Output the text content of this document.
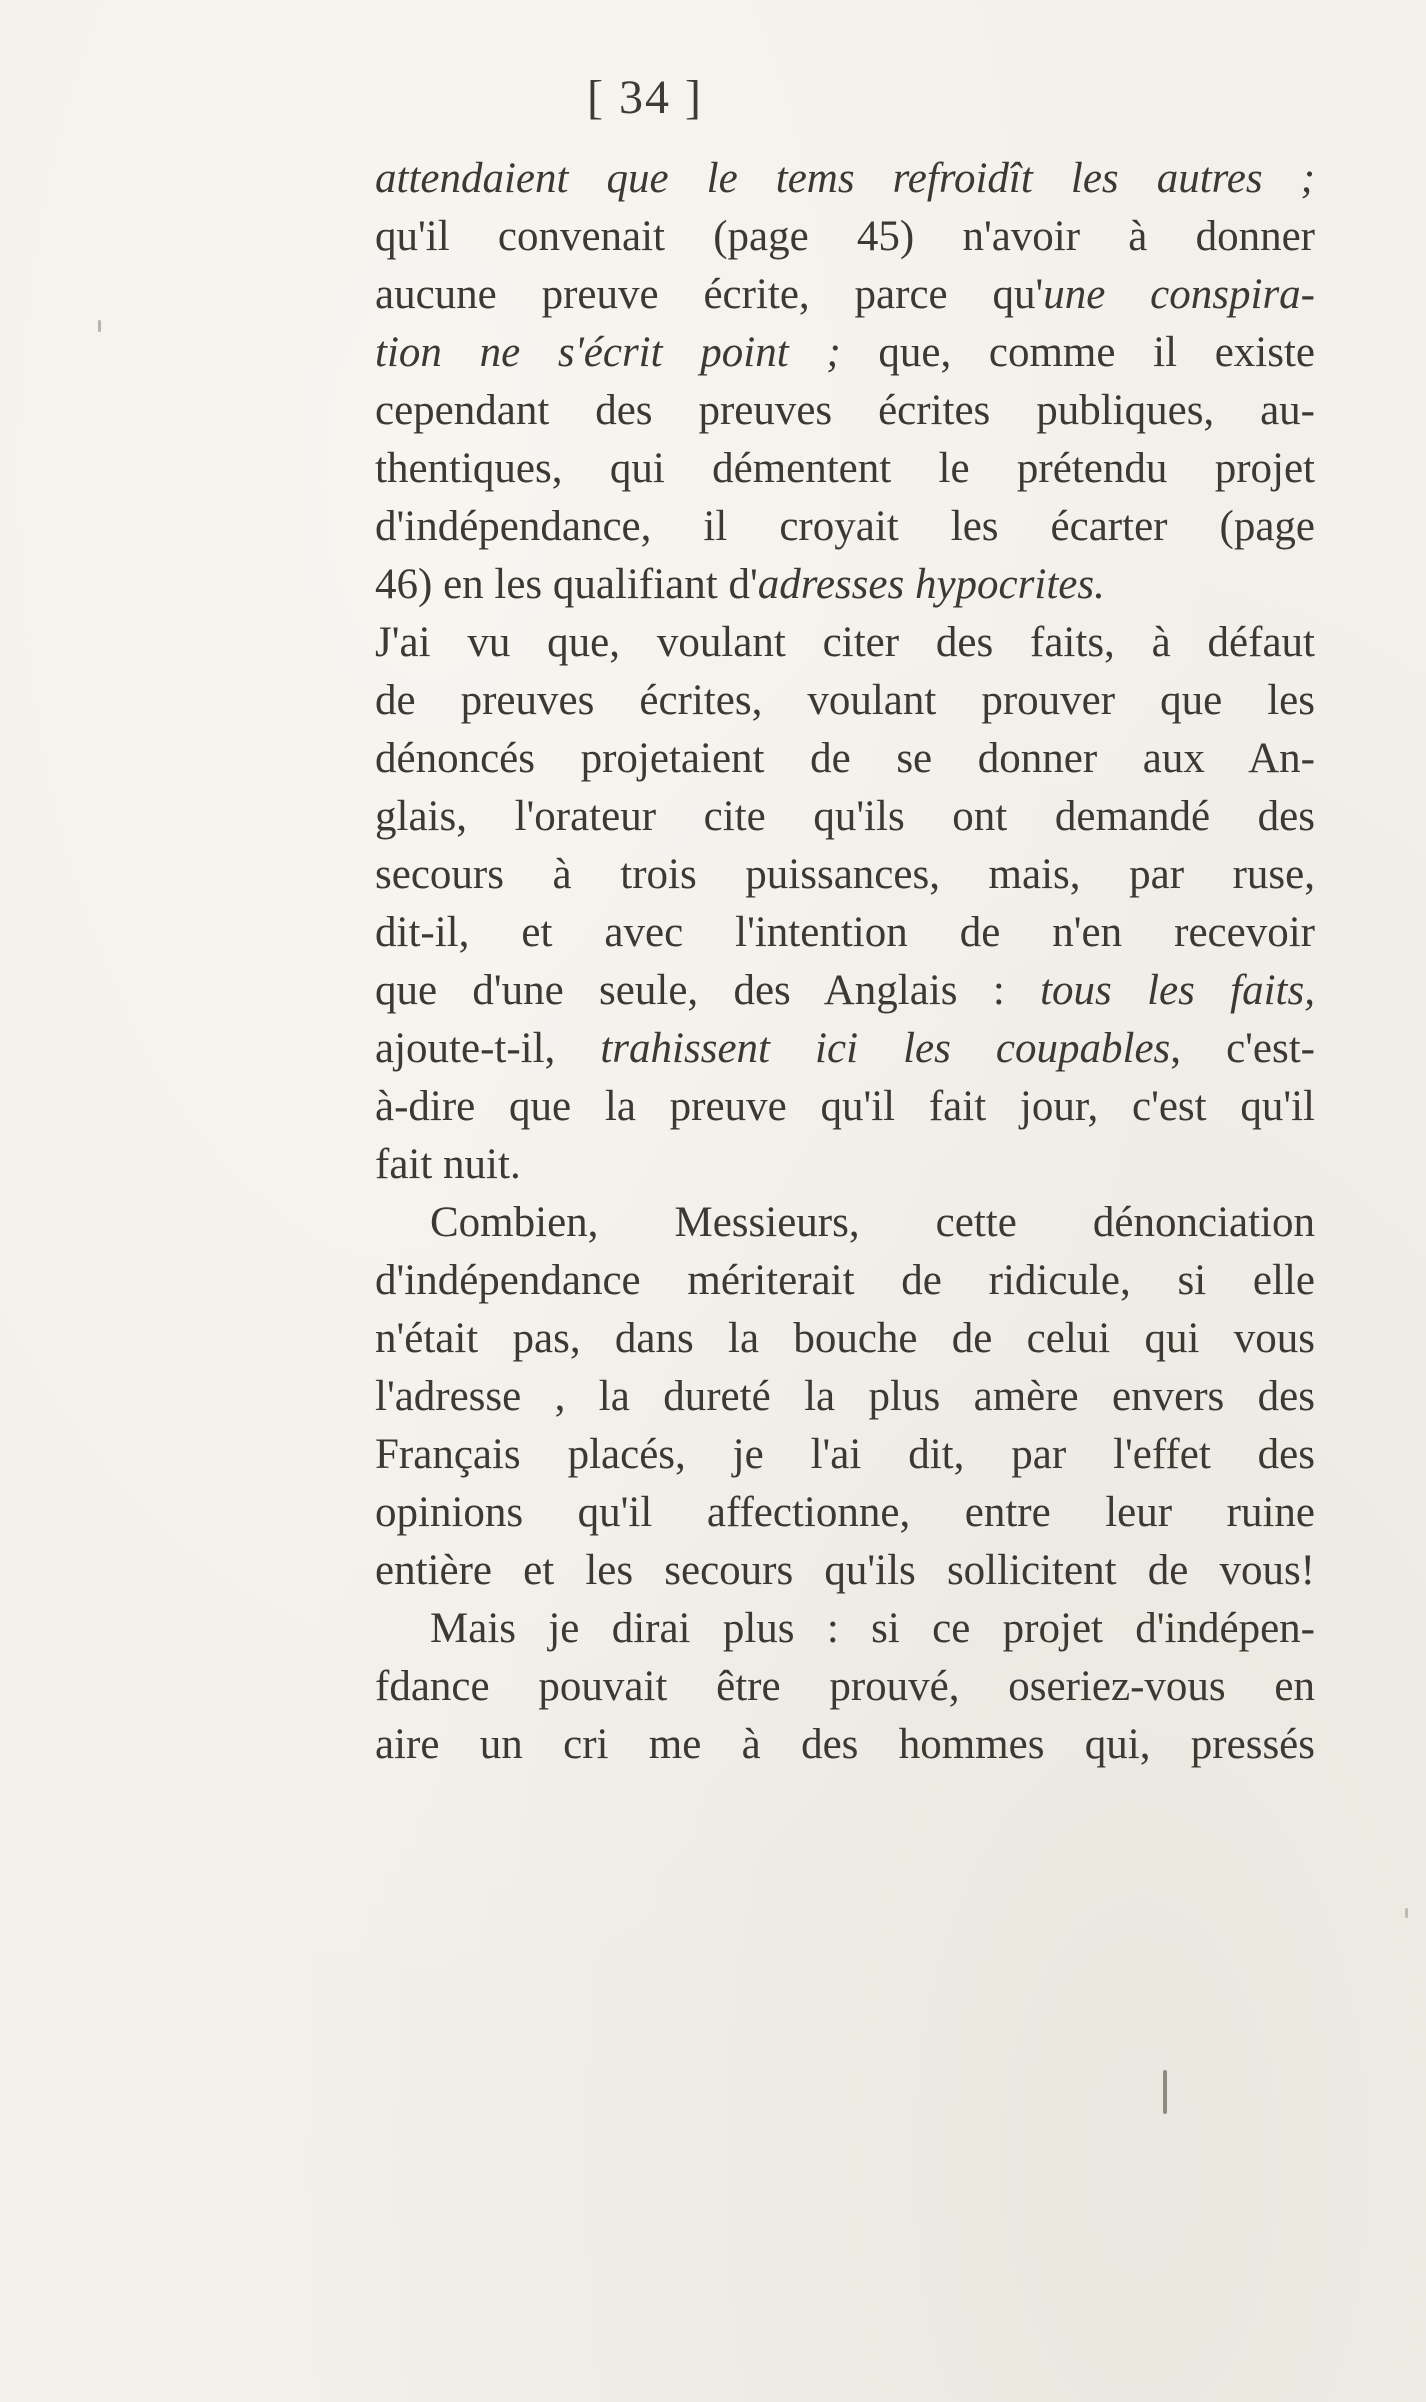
[ 34 ]
attendaient que le tems refroidît les autres ;
qu'il convenait (page 45) n'avoir à donner
aucune preuve écrite, parce qu'une conspira-
tion ne s'écrit point ; que, comme il existe
cependant des preuves écrites publiques, au-
thentiques, qui démentent le prétendu projet
d'indépendance, il croyait les écarter (page
46) en les qualifiant d'adresses hypocrites.
J'ai vu que, voulant citer des faits, à défaut
de preuves écrites, voulant prouver que les
dénoncés projetaient de se donner aux An-
glais, l'orateur cite qu'ils ont demandé des
secours à trois puissances, mais, par ruse,
dit-il, et avec l'intention de n'en recevoir
que d'une seule, des Anglais : tous les faits,
ajoute-t-il, trahissent ici les coupables, c'est-
à-dire que la preuve qu'il fait jour, c'est qu'il
fait nuit.
Combien, Messieurs, cette dénonciation
d'indépendance mériterait de ridicule, si elle
n'était pas, dans la bouche de celui qui vous
l'adresse , la dureté la plus amère envers des
Français placés, je l'ai dit, par l'effet des
opinions qu'il affectionne, entre leur ruine
entière et les secours qu'ils sollicitent de vous!
Mais je dirai plus : si ce projet d'indépen-
fdance pouvait être prouvé, oseriez-vous en
aire un cri me à des hommes qui, pressés
